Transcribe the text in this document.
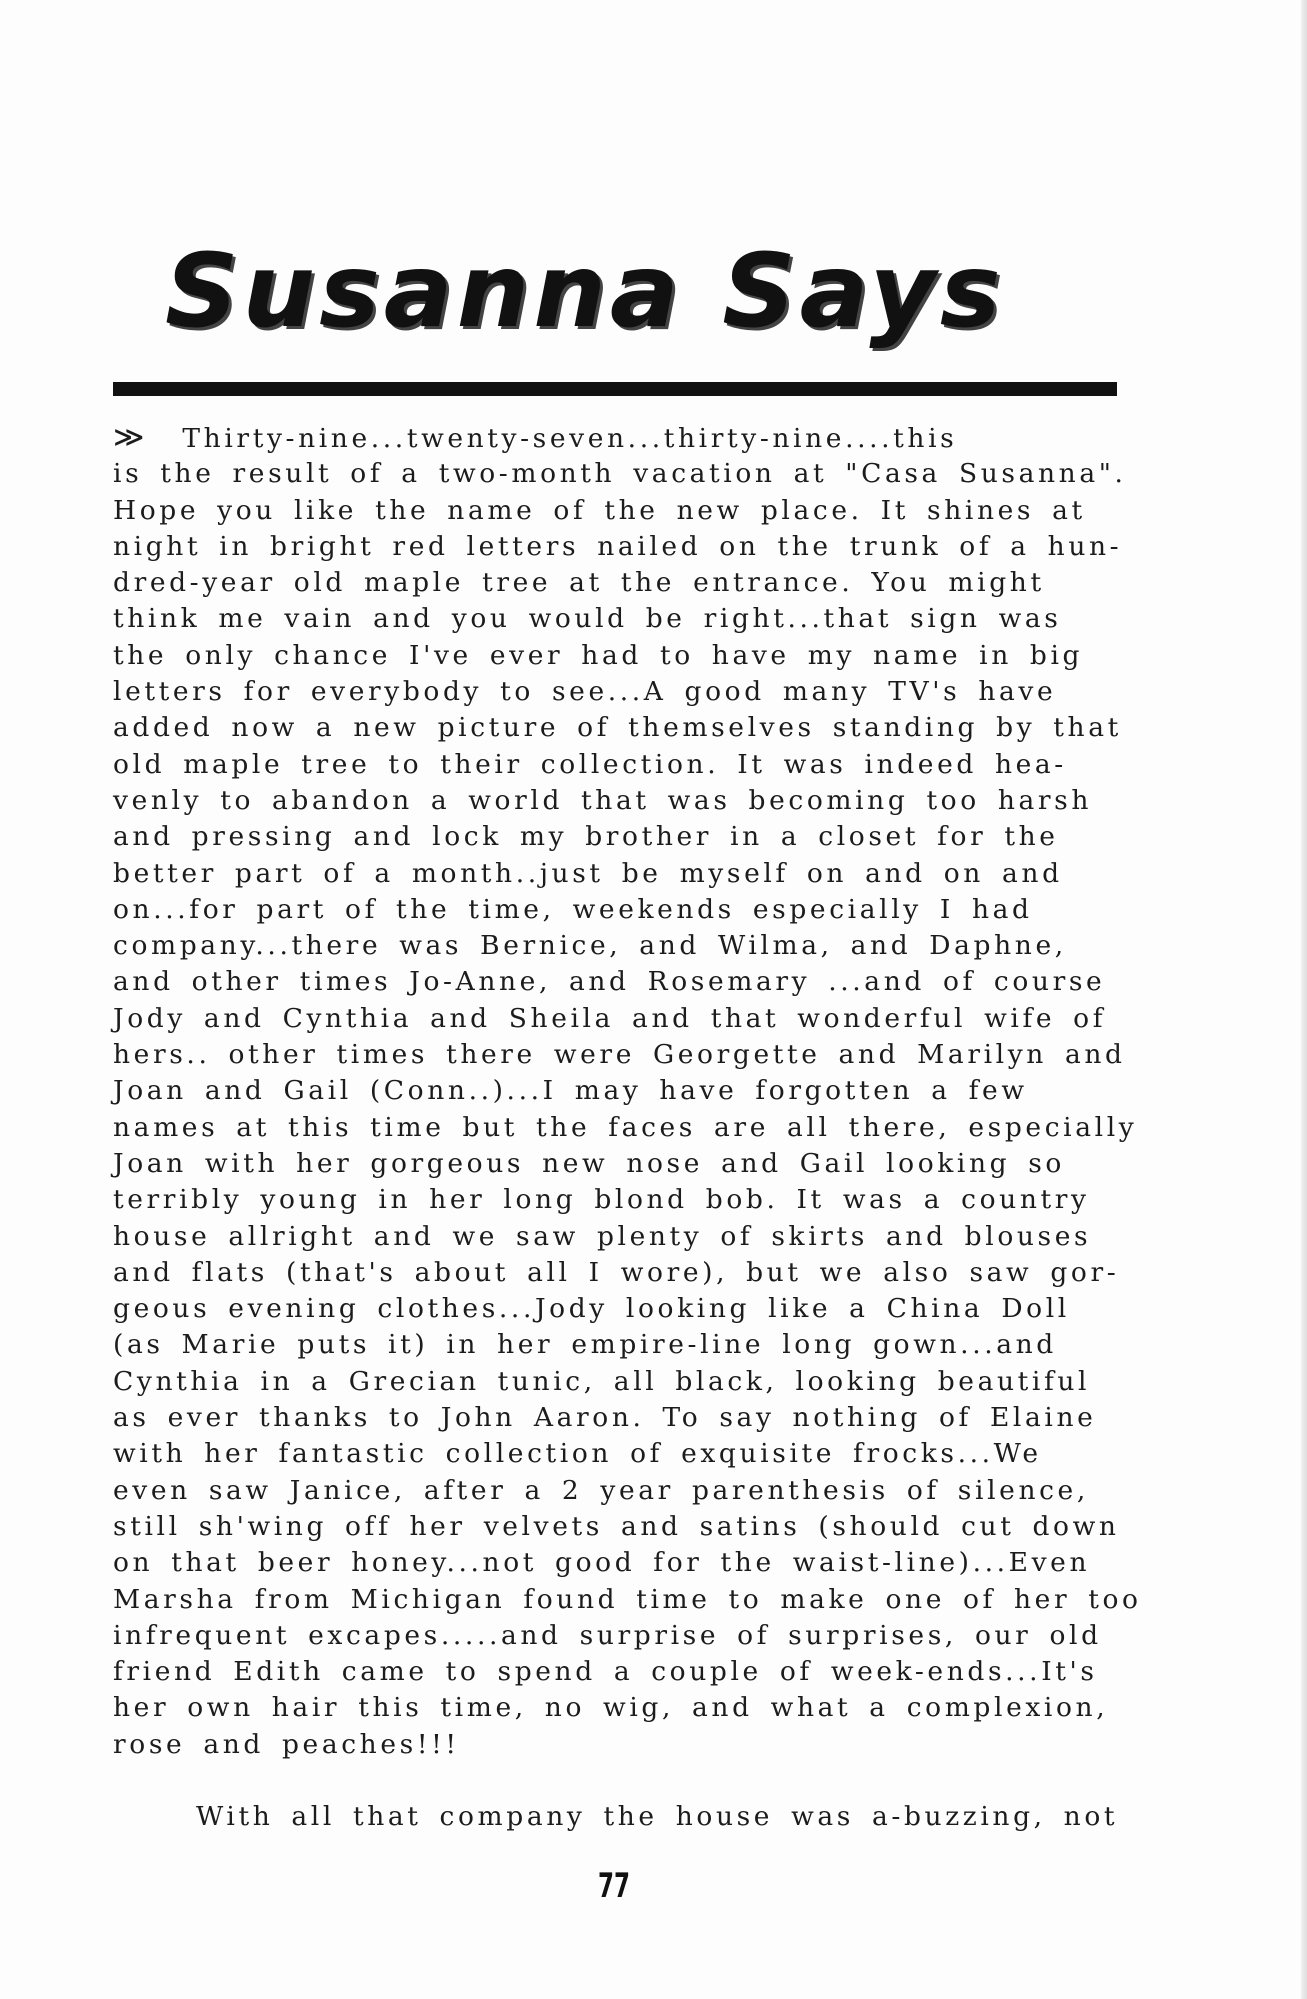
Susanna Says
≫ Thirty-nine...twenty-seven...thirty-nine....this
is the result of a two-month vacation at "Casa Susanna".
Hope you like the name of the new place. It shines at
night in bright red letters nailed on the trunk of a hun-
dred-year old maple tree at the entrance. You might
think me vain and you would be right...that sign was
the only chance I've ever had to have my name in big
letters for everybody to see...A good many TV's have
added now a new picture of themselves standing by that
old maple tree to their collection. It was indeed hea-
venly to abandon a world that was becoming too harsh
and pressing and lock my brother in a closet for the
better part of a month..just be myself on and on and
on...for part of the time, weekends especially I had
company...there was Bernice, and Wilma, and Daphne,
and other times Jo-Anne, and Rosemary ...and of course
Jody and Cynthia and Sheila and that wonderful wife of
hers.. other times there were Georgette and Marilyn and
Joan and Gail (Conn..)...I may have forgotten a few
names at this time but the faces are all there, especially
Joan with her gorgeous new nose and Gail looking so
terribly young in her long blond bob. It was a country
house allright and we saw plenty of skirts and blouses
and flats (that's about all I wore), but we also saw gor-
geous evening clothes...Jody looking like a China Doll
(as Marie puts it) in her empire-line long gown...and
Cynthia in a Grecian tunic, all black, looking beautiful
as ever thanks to John Aaron. To say nothing of Elaine
with her fantastic collection of exquisite frocks...We
even saw Janice, after a 2 year parenthesis of silence,
still sh'wing off her velvets and satins (should cut down
on that beer honey...not good for the waist-line)...Even
Marsha from Michigan found time to make one of her too
infrequent excapes.....and surprise of surprises, our old
friend Edith came to spend a couple of week-ends...It's
her own hair this time, no wig, and what a complexion,
rose and peaches!!!
With all that company the house was a-buzzing, not
77
